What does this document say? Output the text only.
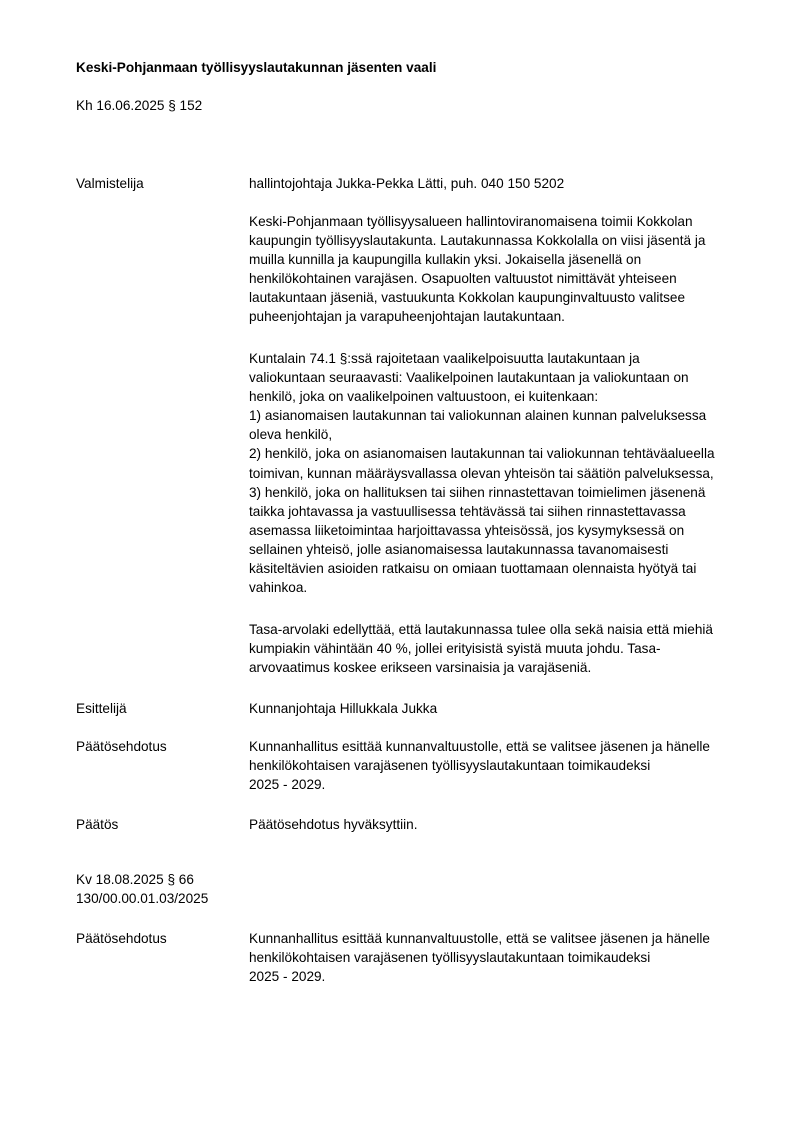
Keski-Pohjanmaan työllisyyslautakunnan jäsenten vaali
Kh 16.06.2025 § 152
Valmistelija	hallintojohtaja Jukka-Pekka Lätti, puh. 040 150 5202
Keski-Pohjanmaan työllisyysalueen hallintoviranomaisena toimii Kokkolan
kaupungin työllisyyslautakunta. Lautakunnassa Kokkolalla on viisi jäsentä ja
muilla kunnilla ja kaupungilla kullakin yksi. Jokaisella jäsenellä on
henkilökohtainen varajäsen. Osapuolten valtuustot nimittävät yhteiseen
lautakuntaan jäseniä, vastuukunta Kokkolan kaupunginvaltuusto valitsee
puheenjohtajan ja varapuheenjohtajan lautakuntaan.
Kuntalain 74.1 §:ssä rajoitetaan vaalikelpoisuutta lautakuntaan ja
valiokuntaan seuraavasti: Vaalikelpoinen lautakuntaan ja valiokuntaan on
henkilö, joka on vaalikelpoinen valtuustoon, ei kuitenkaan:
1) asianomaisen lautakunnan tai valiokunnan alainen kunnan palveluksessa
oleva henkilö,
2) henkilö, joka on asianomaisen lautakunnan tai valiokunnan tehtäväalueella
toimivan, kunnan määräysvallassa olevan yhteisön tai säätiön palveluksessa,
3) henkilö, joka on hallituksen tai siihen rinnastettavan toimielimen jäsenenä
taikka johtavassa ja vastuullisessa tehtävässä tai siihen rinnastettavassa
asemassa liiketoimintaa harjoittavassa yhteisössä, jos kysymyksessä on
sellainen yhteisö, jolle asianomaisessa lautakunnassa tavanomaisesti
käsiteltävien asioiden ratkaisu on omiaan tuottamaan olennaista hyötyä tai
vahinkoa.
Tasa-arvolaki edellyttää, että lautakunnassa tulee olla sekä naisia että miehiä
kumpiakin vähintään 40 %, jollei erityisistä syistä muuta johdu. Tasa-
arvovaatimus koskee erikseen varsinaisia ja varajäseniä.
Esittelijä	Kunnanjohtaja Hillukkala Jukka
Päätösehdotus	Kunnanhallitus esittää kunnanvaltuustolle, että se valitsee jäsenen ja hänelle
henkilökohtaisen varajäsenen työllisyyslautakuntaan toimikaudeksi
2025 - 2029.
Päätös	Päätösehdotus hyväksyttiin.
Kv 18.08.2025 § 66
130/00.00.01.03/2025
Päätösehdotus	Kunnanhallitus esittää kunnanvaltuustolle, että se valitsee jäsenen ja hänelle
henkilökohtaisen varajäsenen työllisyyslautakuntaan toimikaudeksi
2025 - 2029.
